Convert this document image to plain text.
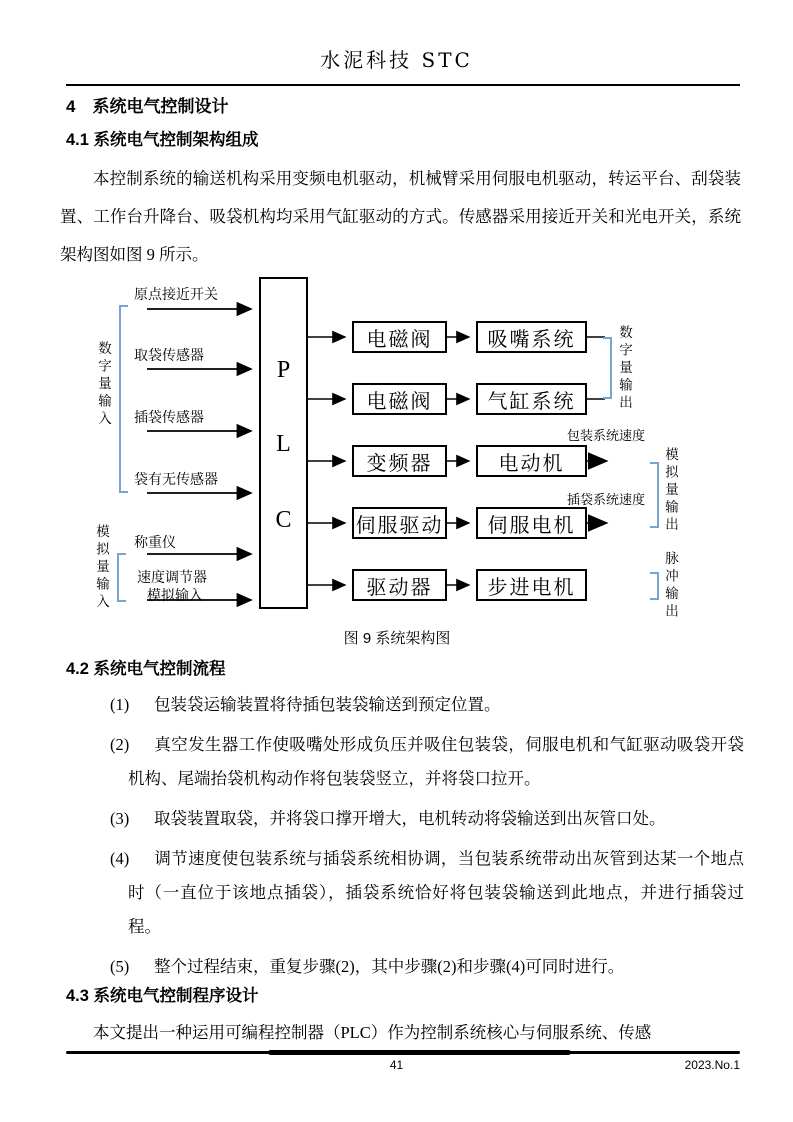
水泥科技 STC
4　系统电气控制设计
4.1 系统电气控制架构组成
本控制系统的输送机构采用变频电机驱动，机械臂采用伺服电机驱动，转运平台、刮袋装置、工作台升降台、吸袋机构均采用气缸驱动的方式。传感器采用接近开关和光电开关，系统架构图如图 9 所示。
P
L
C
原点接近开关
取袋传感器
插袋传感器
袋有无传感器
称重仪
速度调节器
模拟输入
数字量输入
模拟量输入
电磁阀	吸嘴系统
电磁阀	气缸系统
变频器	电动机
伺服驱动	伺服电机
驱动器	步进电机
包装系统速度
插袋系统速度
数字量输出
模拟量输出
脉冲输出
图 9 系统架构图
4.2 系统电气控制流程
(1) 包装袋运输装置将待插包装袋输送到预定位置。
(2) 真空发生器工作使吸嘴处形成负压并吸住包装袋，伺服电机和气缸驱动吸袋开袋机构、尾端抬袋机构动作将包装袋竖立，并将袋口拉开。
(3) 取袋装置取袋，并将袋口撑开增大，电机转动将袋输送到出灰管口处。
(4) 调节速度使包装系统与插袋系统相协调，当包装系统带动出灰管到达某一个地点时（一直位于该地点插袋），插袋系统恰好将包装袋输送到此地点，并进行插袋过程。
(5) 整个过程结束，重复步骤(2)，其中步骤(2)和步骤(4)可同时进行。
4.3 系统电气控制程序设计
本文提出一种运用可编程控制器（PLC）作为控制系统核心与伺服系统、传感
41	2023.No.1
